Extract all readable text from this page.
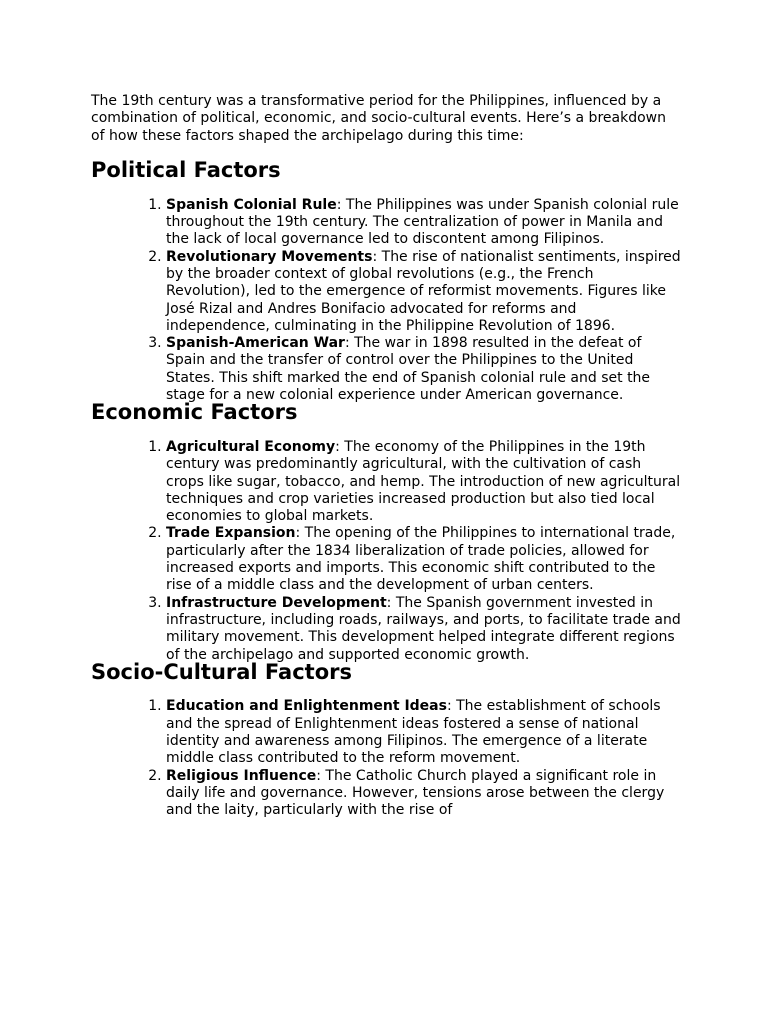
The 19th century was a transformative period for the Philippines, influenced by a combination of political, economic, and socio-cultural events. Here’s a breakdown of how these factors shaped the archipelago during this time:

Political Factors
1. Spanish Colonial Rule: The Philippines was under Spanish colonial rule throughout the 19th century. The centralization of power in Manila and the lack of local governance led to discontent among Filipinos.
2. Revolutionary Movements: The rise of nationalist sentiments, inspired by the broader context of global revolutions (e.g., the French Revolution), led to the emergence of reformist movements. Figures like José Rizal and Andres Bonifacio advocated for reforms and independence, culminating in the Philippine Revolution of 1896.
3. Spanish-American War: The war in 1898 resulted in the defeat of Spain and the transfer of control over the Philippines to the United States. This shift marked the end of Spanish colonial rule and set the stage for a new colonial experience under American governance.
Economic Factors
1. Agricultural Economy: The economy of the Philippines in the 19th century was predominantly agricultural, with the cultivation of cash crops like sugar, tobacco, and hemp. The introduction of new agricultural techniques and crop varieties increased production but also tied local economies to global markets.
2. Trade Expansion: The opening of the Philippines to international trade, particularly after the 1834 liberalization of trade policies, allowed for increased exports and imports. This economic shift contributed to the rise of a middle class and the development of urban centers.
3. Infrastructure Development: The Spanish government invested in infrastructure, including roads, railways, and ports, to facilitate trade and military movement. This development helped integrate different regions of the archipelago and supported economic growth.
Socio-Cultural Factors
1. Education and Enlightenment Ideas: The establishment of schools and the spread of Enlightenment ideas fostered a sense of national identity and awareness among Filipinos. The emergence of a literate middle class contributed to the reform movement.
2. Religious Influence: The Catholic Church played a significant role in daily life and governance. However, tensions arose between the clergy and the laity, particularly with the rise of
